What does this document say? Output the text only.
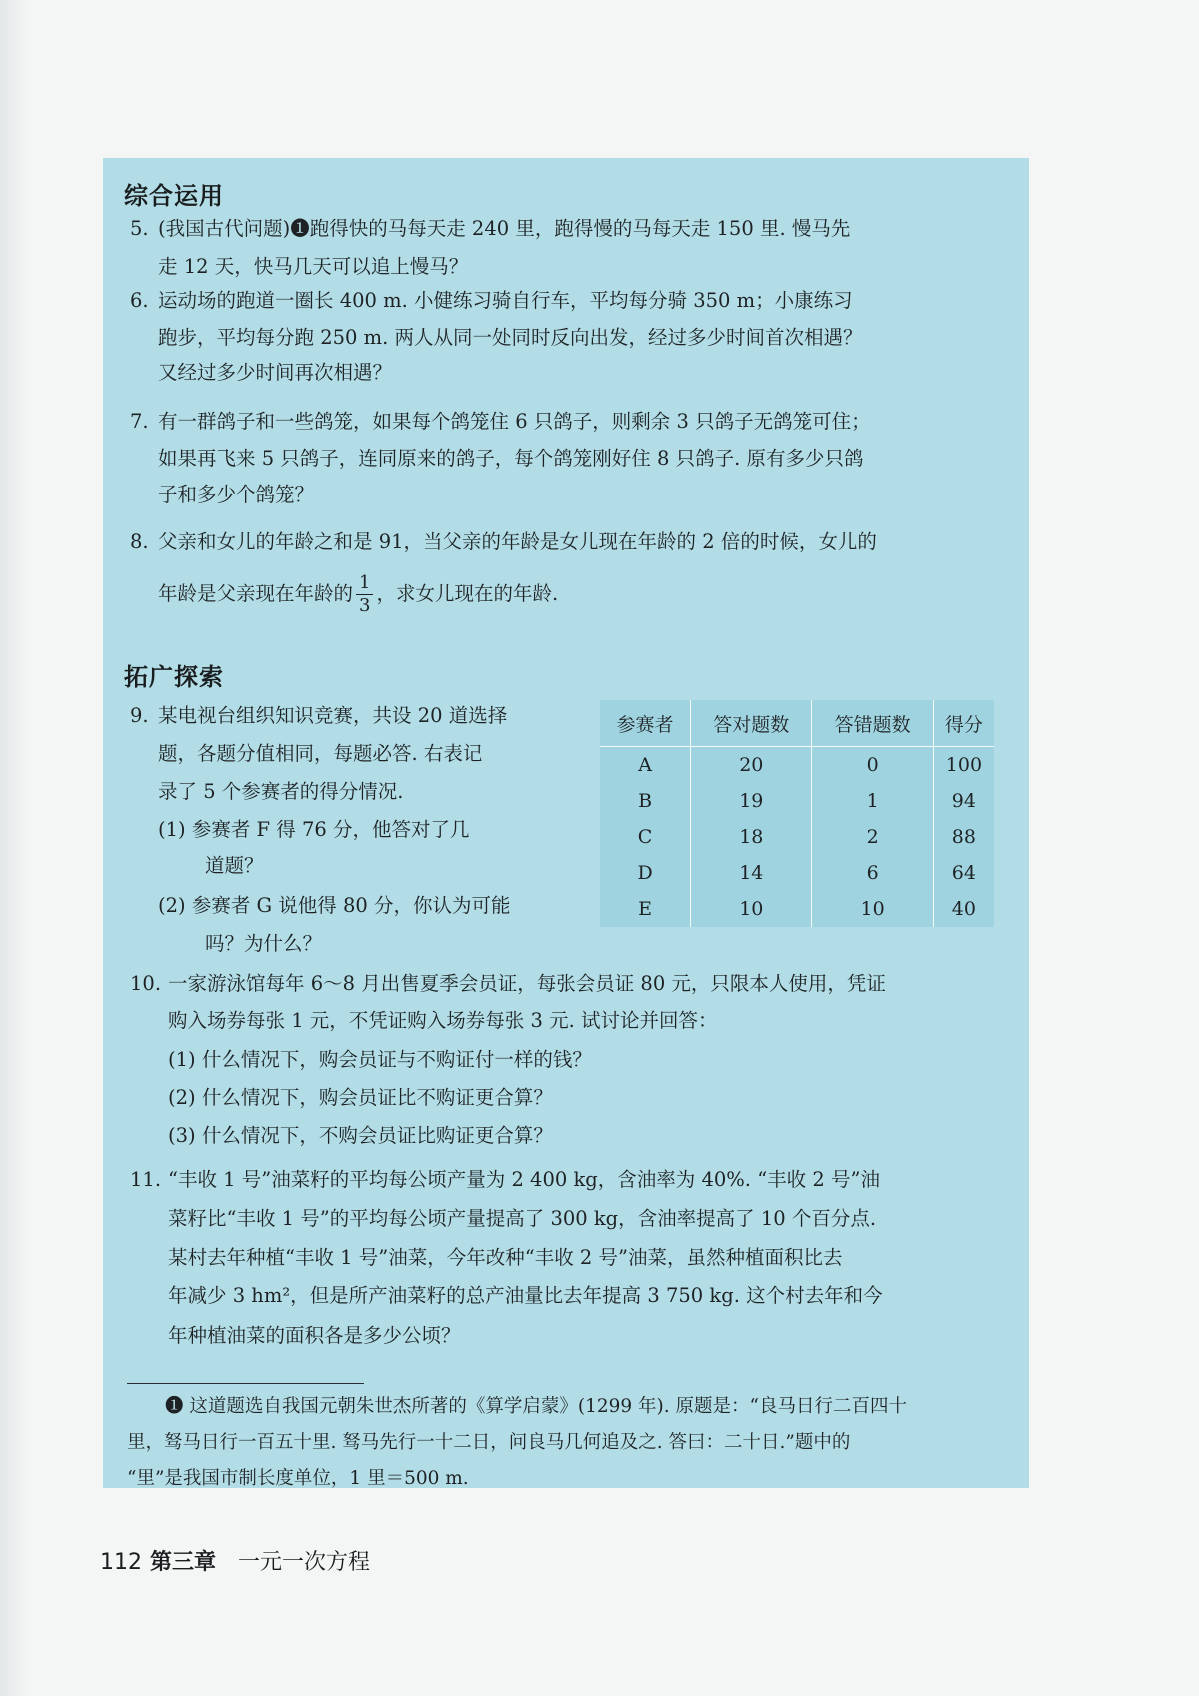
综合运用
5. (我国古代问题)❶跑得快的马每天走 240 里，跑得慢的马每天走 150 里. 慢马先
走 12 天，快马几天可以追上慢马？
6. 运动场的跑道一圈长 400 m. 小健练习骑自行车，平均每分骑 350 m；小康练习
跑步，平均每分跑 250 m. 两人从同一处同时反向出发，经过多少时间首次相遇？
又经过多少时间再次相遇？
7. 有一群鸽子和一些鸽笼，如果每个鸽笼住 6 只鸽子，则剩余 3 只鸽子无鸽笼可住；
如果再飞来 5 只鸽子，连同原来的鸽子，每个鸽笼刚好住 8 只鸽子. 原有多少只鸽
子和多少个鸽笼？
8. 父亲和女儿的年龄之和是 91，当父亲的年龄是女儿现在年龄的 2 倍的时候，女儿的
年龄是父亲现在年龄的 $\frac{1}{3}$ ，求女儿现在的年龄.
拓广探索
9. 某电视台组织知识竞赛，共设 20 道选择
题，各题分值相同，每题必答. 右表记
录了 5 个参赛者的得分情况.
(1) 参赛者 F 得 76 分，他答对了几
道题？
(2) 参赛者 G 说他得 80 分，你认为可能
吗？为什么？
参赛者	答对题数	答错题数	得分
A	20	0	100
B	19	1	94
C	18	2	88
D	14	6	64
E	10	10	40
10. 一家游泳馆每年 6～8 月出售夏季会员证，每张会员证 80 元，只限本人使用，凭证
购入场券每张 1 元，不凭证购入场券每张 3 元. 试讨论并回答：
(1) 什么情况下，购会员证与不购证付一样的钱？
(2) 什么情况下，购会员证比不购证更合算？
(3) 什么情况下，不购会员证比购证更合算？
11. “丰收 1 号”油菜籽的平均每公顷产量为 2 400 kg，含油率为 40%. “丰收 2 号”油
菜籽比“丰收 1 号”的平均每公顷产量提高了 300 kg，含油率提高了 10 个百分点.
某村去年种植“丰收 1 号”油菜，今年改种“丰收 2 号”油菜，虽然种植面积比去
年减少 3 hm²，但是所产油菜籽的总产油量比去年提高 3 750 kg. 这个村去年和今
年种植油菜的面积各是多少公顷？
❶ 这道题选自我国元朝朱世杰所著的《算学启蒙》(1299 年). 原题是：“良马日行二百四十
里，驽马日行一百五十里. 驽马先行一十二日，问良马几何追及之. 答曰：二十日.”题中的
“里”是我国市制长度单位，1 里＝500 m.
112 第三章 一元一次方程
